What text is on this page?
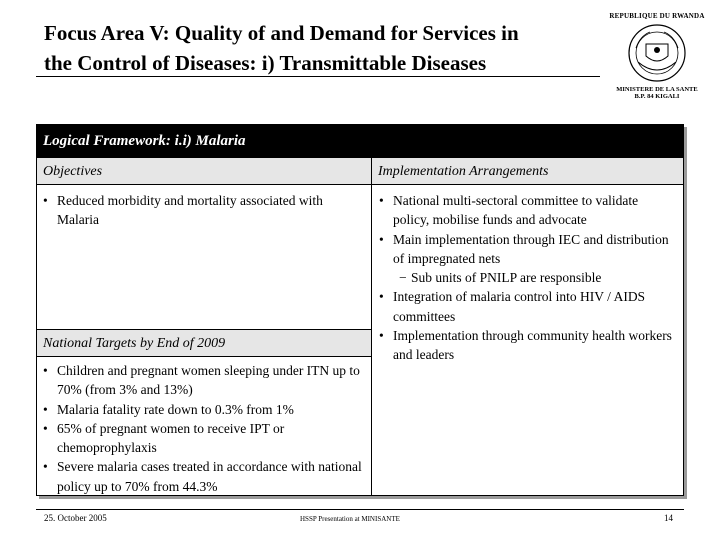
Focus Area V: Quality of and Demand for Services in
the Control of Diseases: i) Transmittable Diseases
REPUBLIQUE DU RWANDA
MINISTERE DE LA SANTE
B.P. 84 KIGALI
Logical Framework: i.i) Malaria
Objectives	Implementation Arrangements
• Reduced morbidity and mortality associated with Malaria
National Targets by End of 2009
• Children and pregnant women sleeping under ITN up to 70% (from 3% and 13%)
• Malaria fatality rate down to 0.3% from 1%
• 65% of pregnant women to receive IPT or chemoprophylaxis
• Severe malaria cases treated in accordance with national policy up to 70% from 44.3%
• National multi-sectoral committee to validate policy, mobilise funds and advocate
• Main implementation through IEC and distribution of impregnated nets
− Sub units of PNILP are responsible
• Integration of malaria control into HIV / AIDS committees
• Implementation through community health workers and leaders
25. October 2005	HSSP Presentation at MINISANTE	14
